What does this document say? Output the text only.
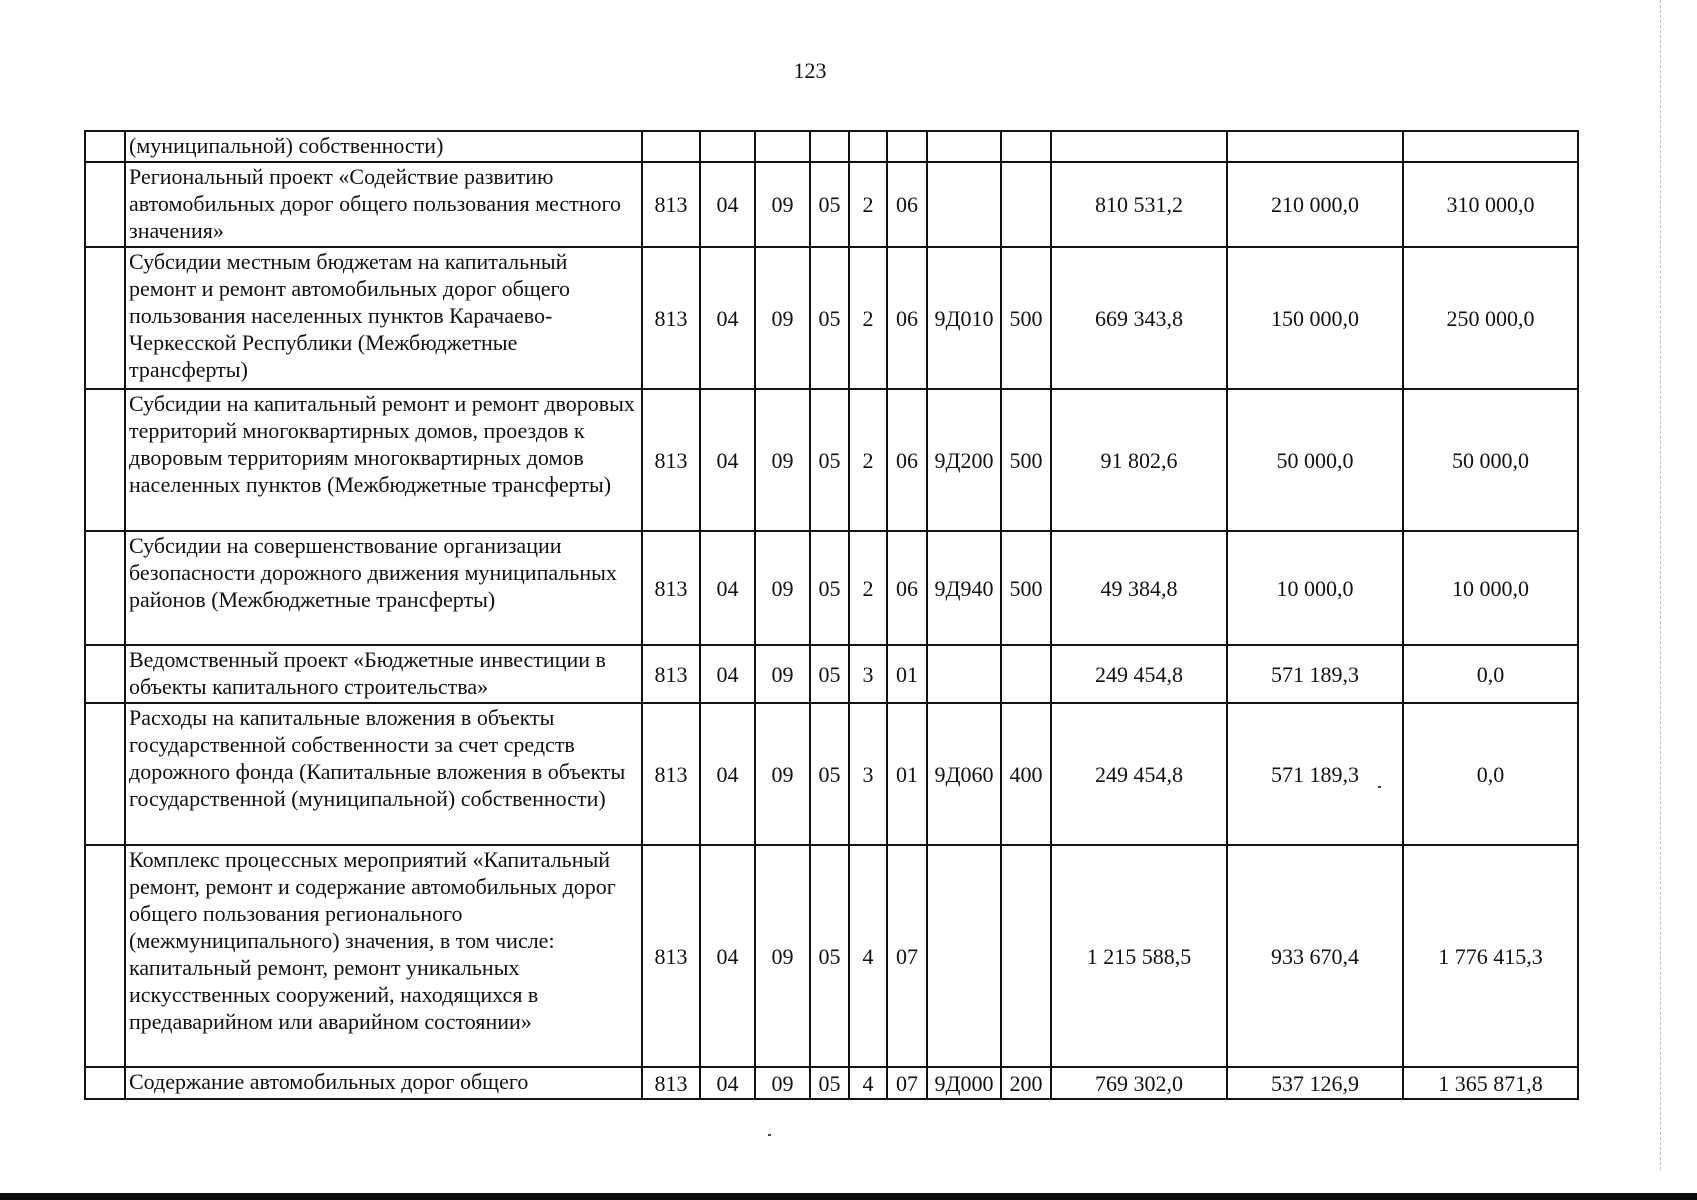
123
	(муниципальной) собственности)											
	Региональный проект «Содействие развитию автомобильных дорог общего пользования местного значения»	813	04	09	05	2	06			810 531,2	210 000,0	310 000,0
	Субсидии местным бюджетам на капитальный ремонт и ремонт автомобильных дорог общего пользования населенных пунктов Карачаево-Черкесской Республики (Межбюджетные трансферты)	813	04	09	05	2	06	9Д010	500	669 343,8	150 000,0	250 000,0
	Субсидии на капитальный ремонт и ремонт дворовых территорий многоквартирных домов, проездов к дворовым территориям многоквартирных домов населенных пунктов (Межбюджетные трансферты)	813	04	09	05	2	06	9Д200	500	91 802,6	50 000,0	50 000,0
	Субсидии на совершенствование организации безопасности дорожного движения муниципальных районов (Межбюджетные трансферты)	813	04	09	05	2	06	9Д940	500	49 384,8	10 000,0	10 000,0
	Ведомственный проект «Бюджетные инвестиции в объекты капитального строительства»	813	04	09	05	3	01			249 454,8	571 189,3	0,0
	Расходы на капитальные вложения в объекты государственной собственности за счет средств дорожного фонда (Капитальные вложения в объекты государственной (муниципальной) собственности)	813	04	09	05	3	01	9Д060	400	249 454,8	571 189,3	0,0
	Комплекс процессных мероприятий «Капитальный ремонт, ремонт и содержание автомобильных дорог общего пользования регионального (межмуниципального) значения, в том числе: капитальный ремонт, ремонт уникальных искусственных сооружений, находящихся в предаварийном или аварийном состоянии»	813	04	09	05	4	07			1 215 588,5	933 670,4	1 776 415,3
	Содержание автомобильных дорог общего	813	04	09	05	4	07	9Д000	200	769 302,0	537 126,9	1 365 871,8
